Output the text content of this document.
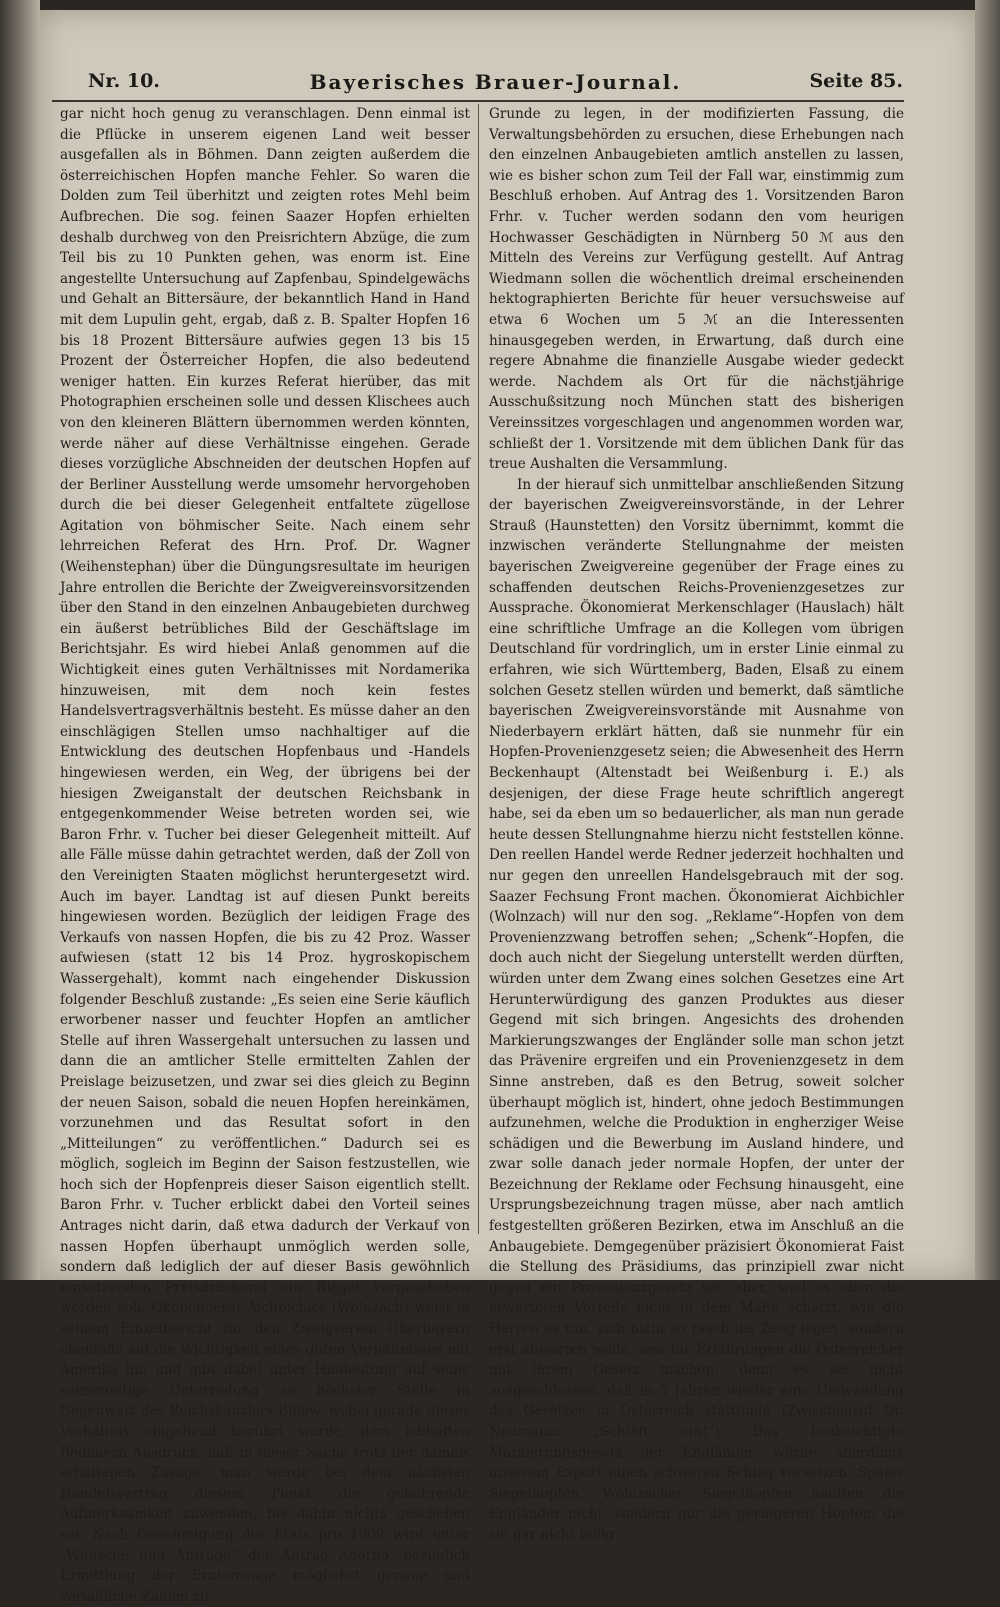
Nr. 10.	Bayerisches Brauer-Journal.	Seite 85.

gar nicht hoch genug zu veranschlagen. Denn einmal ist die Pflücke in unserem eigenen Land weit besser ausgefallen als in Böhmen. Dann zeigten außerdem die österreichischen Hopfen manche Fehler. So waren die Dolden zum Teil überhitzt und zeigten rotes Mehl beim Aufbrechen. Die sog. feinen Saazer Hopfen erhielten deshalb durchweg von den Preisrichtern Abzüge, die zum Teil bis zu 10 Punkten gehen, was enorm ist. Eine angestellte Untersuchung auf Zapfenbau, Spindelgewächs und Gehalt an Bittersäure, der bekanntlich Hand in Hand mit dem Lupulin geht, ergab, daß z. B. Spalter Hopfen 16 bis 18 Prozent Bittersäure aufwies gegen 13 bis 15 Prozent der Österreicher Hopfen, die also bedeutend weniger hatten. Ein kurzes Referat hierüber, das mit Photographien erscheinen solle und dessen Klischees auch von den kleineren Blättern übernommen werden könnten, werde näher auf diese Verhältnisse eingehen. Gerade dieses vorzügliche Abschneiden der deutschen Hopfen auf der Berliner Ausstellung werde umsomehr hervorgehoben durch die bei dieser Gelegenheit entfaltete zügellose Agitation von böhmischer Seite. Nach einem sehr lehrreichen Referat des Hrn. Prof. Dr. Wagner (Weihenstephan) über die Düngungsresultate im heurigen Jahre entrollen die Berichte der Zweigvereinsvorsitzenden über den Stand in den einzelnen Anbaugebieten durchweg ein äußerst betrübliches Bild der Geschäftslage im Berichtsjahr. Es wird hiebei Anlaß genommen auf die Wichtigkeit eines guten Verhältnisses mit Nordamerika hinzuweisen, mit dem noch kein festes Handelsvertragsverhältnis besteht. Es müsse daher an den einschlägigen Stellen umso nachhaltiger auf die Entwicklung des deutschen Hopfenbaus und -Handels hingewiesen werden, ein Weg, der übrigens bei der hiesigen Zweiganstalt der deutschen Reichsbank in entgegenkommender Weise betreten worden sei, wie Baron Frhr. v. Tucher bei dieser Gelegenheit mitteilt. Auf alle Fälle müsse dahin getrachtet werden, daß der Zoll von den Vereinigten Staaten möglichst heruntergesetzt wird. Auch im bayer. Landtag ist auf diesen Punkt bereits hingewiesen worden. Bezüglich der leidigen Frage des Verkaufs von nassen Hopfen, die bis zu 42 Proz. Wasser aufwiesen (statt 12 bis 14 Proz. hygroskopischem Wassergehalt), kommt nach eingehender Diskussion folgender Beschluß zustande: „Es seien eine Serie käuflich erworbener nasser und feuchter Hopfen an amtlicher Stelle auf ihren Wassergehalt untersuchen zu lassen und dann die an amtlicher Stelle ermittelten Zahlen der Preislage beizusetzen, und zwar sei dies gleich zu Beginn der neuen Saison, sobald die neuen Hopfen hereinkämen, vorzunehmen und das Resultat sofort in den „Mitteilungen“ zu veröffentlichen.“ Dadurch sei es möglich, sogleich im Beginn der Saison festzustellen, wie hoch sich der Hopfenpreis dieser Saison eigentlich stellt. Baron Frhr. v. Tucher erblickt dabei den Vorteil seines Antrages nicht darin, daß etwa dadurch der Verkauf von nassen Hopfen überhaupt unmöglich werden solle, sondern daß lediglich der auf dieser Basis gewöhnlich einsetzenden Preisdrückerei ein Riegel vorgeschoben werden soll. Ökonomierat Aichbichler (Wolnzach) weist in seinem Einzelbericht für den Zweigverein Oberbayern ebenfalls auf die Wichtigkeit eines guten Verhältnisses mit Amerika hin und gibt dabei unter Hindeutung auf seine seinerzeitige Unterredung an höchster Stelle in Gegenwart des Reichskanzlers Bülow, wobei gerade dieses Verhältnis eingehend berührt wurde, dem lebhaften Bedauern Ausdruck, daß in dieser Sache trotz der damals erhaltenen Zusage, man werde bei dem nächsten Handelsvertrag diesem Punkt die gebührende Aufmerksamkeit zuwenden, bis dahin nichts geschehen sei. Nach Genehmigung des Etats pro 1909 wird unter „Wünsche und Anträge“ der Antrag Adorno, bezüglich Ermittlung der Erntemenge möglichst genaue und verläßliche Zahlen zu

Grunde zu legen, in der modifizierten Fassung, die Verwaltungsbehörden zu ersuchen, diese Erhebungen nach den einzelnen Anbaugebieten amtlich anstellen zu lassen, wie es bisher schon zum Teil der Fall war, einstimmig zum Beschluß erhoben. Auf Antrag des 1. Vorsitzenden Baron Frhr. v. Tucher werden sodann den vom heurigen Hochwasser Geschädigten in Nürnberg 50 ℳ aus den Mitteln des Vereins zur Verfügung gestellt. Auf Antrag Wiedmann sollen die wöchentlich dreimal erscheinenden hektographierten Berichte für heuer versuchsweise auf etwa 6 Wochen um 5 ℳ an die Interessenten hinausgegeben werden, in Erwartung, daß durch eine regere Abnahme die finanzielle Ausgabe wieder gedeckt werde. Nachdem als Ort für die nächstjährige Ausschußsitzung noch München statt des bisherigen Vereinssitzes vorgeschlagen und angenommen worden war, schließt der 1. Vorsitzende mit dem üblichen Dank für das treue Aushalten die Versammlung.

In der hierauf sich unmittelbar anschließenden Sitzung der bayerischen Zweigvereinsvorstände, in der Lehrer Strauß (Haunstetten) den Vorsitz übernimmt, kommt die inzwischen veränderte Stellungnahme der meisten bayerischen Zweigvereine gegenüber der Frage eines zu schaffenden deutschen Reichs-Provenienzgesetzes zur Aussprache. Ökonomierat Merkenschlager (Hauslach) hält eine schriftliche Umfrage an die Kollegen vom übrigen Deutschland für vordringlich, um in erster Linie einmal zu erfahren, wie sich Württemberg, Baden, Elsaß zu einem solchen Gesetz stellen würden und bemerkt, daß sämtliche bayerischen Zweigvereinsvorstände mit Ausnahme von Niederbayern erklärt hätten, daß sie nunmehr für ein Hopfen-Provenienzgesetz seien; die Abwesenheit des Herrn Beckenhaupt (Altenstadt bei Weißenburg i. E.) als desjenigen, der diese Frage heute schriftlich angeregt habe, sei da eben um so bedauerlicher, als man nun gerade heute dessen Stellungnahme hierzu nicht feststellen könne. Den reellen Handel werde Redner jederzeit hochhalten und nur gegen den unreellen Handelsgebrauch mit der sog. Saazer Fechsung Front machen. Ökonomierat Aichbichler (Wolnzach) will nur den sog. „Reklame“-Hopfen von dem Provenienzzwang betroffen sehen; „Schenk“-Hopfen, die doch auch nicht der Siegelung unterstellt werden dürften, würden unter dem Zwang eines solchen Gesetzes eine Art Herunterwürdigung des ganzen Produktes aus dieser Gegend mit sich bringen. Angesichts des drohenden Markierungszwanges der Engländer solle man schon jetzt das Prävenire ergreifen und ein Provenienzgesetz in dem Sinne anstreben, daß es den Betrug, soweit solcher überhaupt möglich ist, hindert, ohne jedoch Bestimmungen aufzunehmen, welche die Produktion in engherziger Weise schädigen und die Bewerbung im Ausland hindere, und zwar solle danach jeder normale Hopfen, der unter der Bezeichnung der Reklame oder Fechsung hinausgeht, eine Ursprungsbezeichnung tragen müsse, aber nach amtlich festgestellten größeren Bezirken, etwa im Anschluß an die Anbaugebiete. Demgegenüber präzisiert Ökonomierat Faist die Stellung des Präsidiums, das prinzipiell zwar nicht gegen ein Provenienzgesetz sei, aber, weil es eben die erwarteten Vorteile nicht in dem Maße schätzt, wie die Herren es tun, sich nicht so rasch ins Zeug legen, sondern erst abwarten wolle, was für Erfahrungen die Österreicher mit ihrem Gesetz machen; denn es sei nicht ausgeschlossen, daß in 5 Jahren wieder eine Umwendung des Gesetzes in Österreich stattfinde (Zwischenruf Dr. Neumann: „Schläft ein!“) Das beabsichtigte Markierungsgesetz der Engländer würde allerdings unserem Export einen schweren Schlag versetzen. Später Siegelhopfen, Wolnzacher Siegelhopfen kauften die Engländer nicht, sondern nur die geringeren Hopfen, die sie gar nicht billig
